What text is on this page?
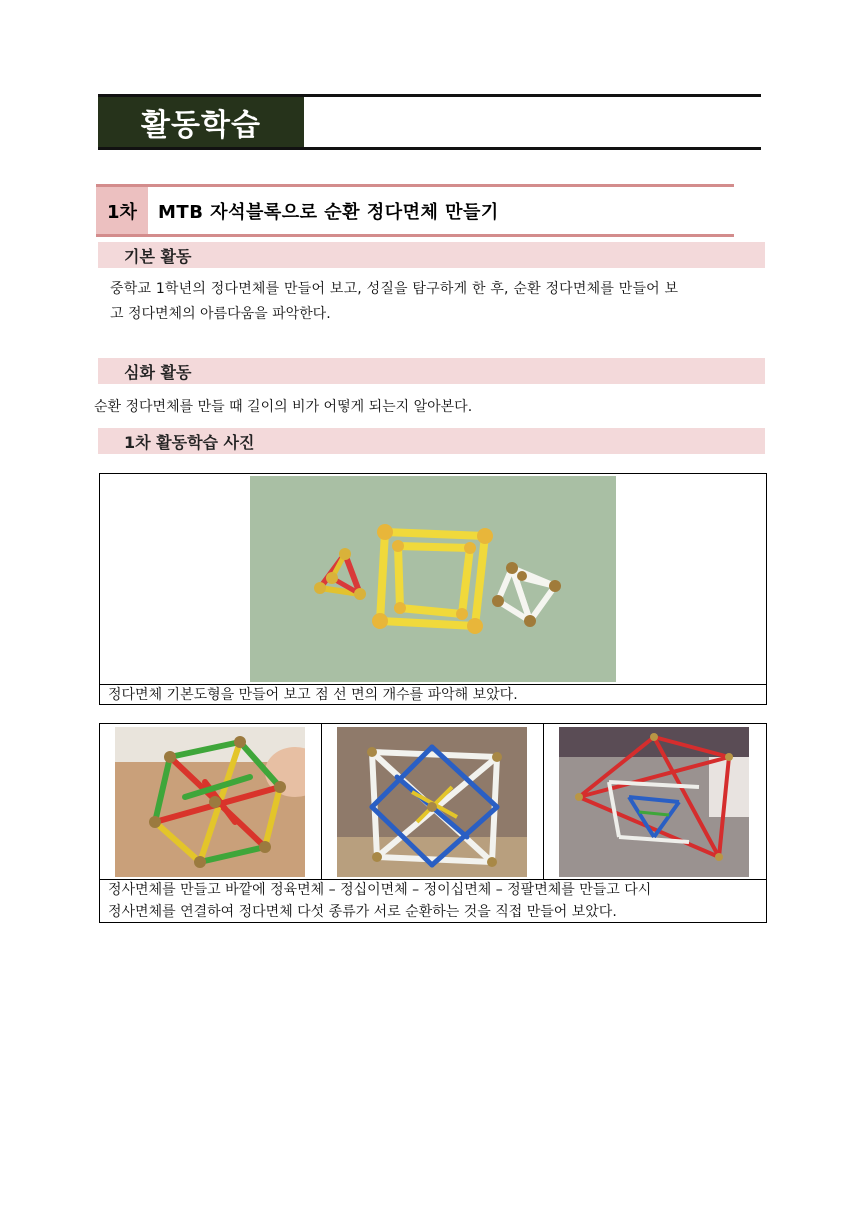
활동학습
1차	MTB 자석블록으로 순환 정다면체 만들기
기본 활동
중학교 1학년의 정다면체를 만들어 보고, 성질을 탐구하게 한 후, 순환 정다면체를 만들어 보
고 정다면체의 아름다움을 파악한다.
심화 활동
순환 정다면체를 만들 때 길이의 비가 어떻게 되는지 알아본다.
1차 활동학습 사진
정다면체 기본도형을 만들어 보고 점 선 면의 개수를 파악해 보았다.
정사면체를 만들고 바깥에 정육면체 – 정십이면체 – 정이십면체 – 정팔면체를 만들고 다시
정사면체를 연결하여 정다면체 다섯 종류가 서로 순환하는 것을 직접 만들어 보았다.
